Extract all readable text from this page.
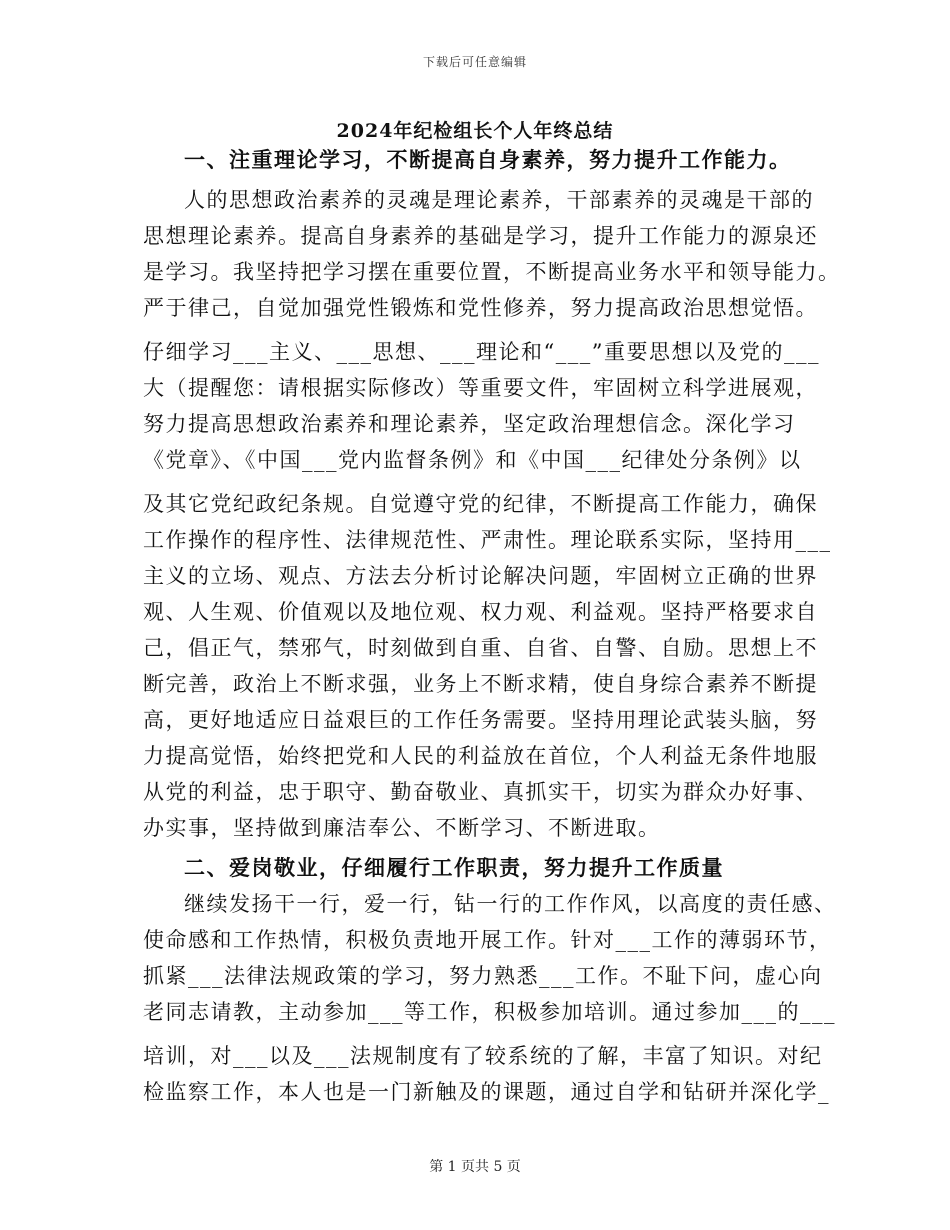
下载后可任意编辑
2024年纪检组长个人年终总结
一、注重理论学习，不断提高自身素养，努力提升工作能力。
人的思想政治素养的灵魂是理论素养，干部素养的灵魂是干部的
思想理论素养。提高自身素养的基础是学习，提升工作能力的源泉还
是学习。我坚持把学习摆在重要位置，不断提高业务水平和领导能力。
严于律己，自觉加强党性锻炼和党性修养，努力提高政治思想觉悟。
仔细学习___主义、___思想、___理论和“___”重要思想以及党的___
大（提醒您：请根据实际修改）等重要文件，牢固树立科学进展观，
努力提高思想政治素养和理论素养，坚定政治理想信念。深化学习
《党章》、《中国___党内监督条例》和《中国___纪律处分条例》以
及其它党纪政纪条规。自觉遵守党的纪律，不断提高工作能力，确保
工作操作的程序性、法律规范性、严肃性。理论联系实际，坚持用___
主义的立场、观点、方法去分析讨论解决问题，牢固树立正确的世界
观、人生观、价值观以及地位观、权力观、利益观。坚持严格要求自
己，倡正气，禁邪气，时刻做到自重、自省、自警、自励。思想上不
断完善，政治上不断求强，业务上不断求精，使自身综合素养不断提
高，更好地适应日益艰巨的工作任务需要。坚持用理论武装头脑，努
力提高觉悟，始终把党和人民的利益放在首位，个人利益无条件地服
从党的利益，忠于职守、勤奋敬业、真抓实干，切实为群众办好事、
办实事，坚持做到廉洁奉公、不断学习、不断进取。
二、爱岗敬业，仔细履行工作职责，努力提升工作质量
继续发扬干一行，爱一行，钻一行的工作作风，以高度的责任感、
使命感和工作热情，积极负责地开展工作。针对___工作的薄弱环节，
抓紧___法律法规政策的学习，努力熟悉___工作。不耻下问，虚心向
老同志请教，主动参加___等工作，积极参加培训。通过参加___的___
培训，对___以及___法规制度有了较系统的了解，丰富了知识。对纪
检监察工作，本人也是一门新触及的课题，通过自学和钻研并深化学_
第 1 页共 5 页
